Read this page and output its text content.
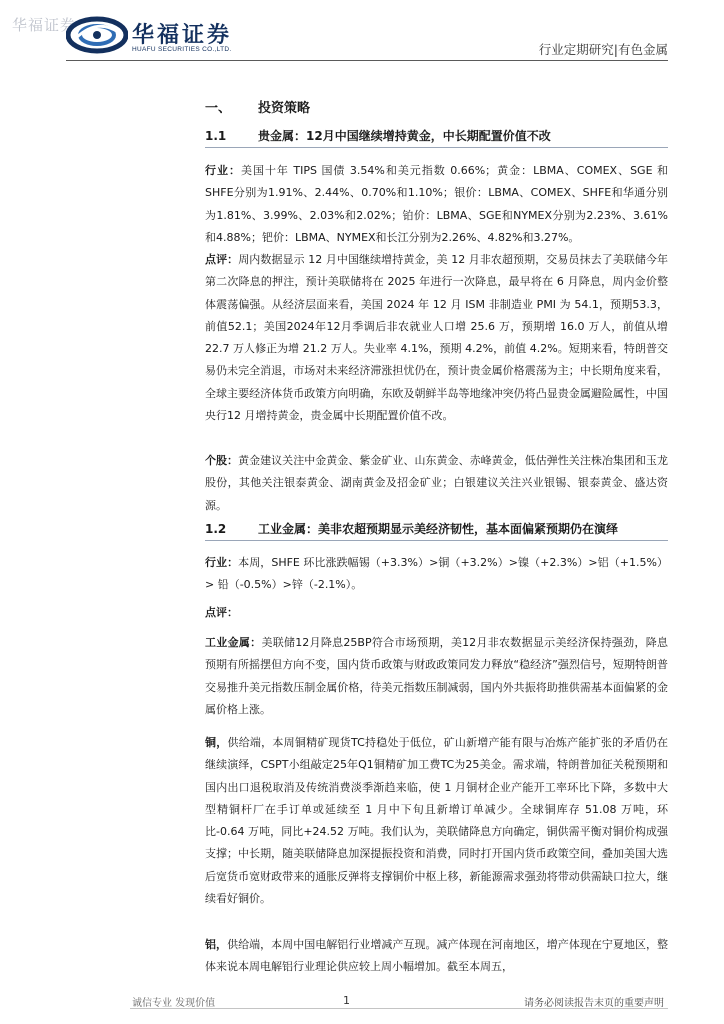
华福证券	华福证券
HUAFU SECURITIES CO.,LTD.	行业定期研究|有色金属
一、 投资策略
1.1	贵金属：12月中国继续增持黄金，中长期配置价值不改
行业：美国十年 TIPS 国债 3.54%和美元指数 0.66%；黄金：LBMA、COMEX、SGE 和SHFE分别为1.91%、2.44%、0.70%和1.10%；银价：LBMA、COMEX、SHFE和华通分别为1.81%、3.99%、2.03%和2.02%；铂价：LBMA、SGE和NYMEX分别为2.23%、3.61%和4.88%；钯价：LBMA、NYMEX和长江分别为2.26%、4.82%和3.27%。
点评：周内数据显示 12 月中国继续增持黄金，美 12 月非农超预期，交易员抹去了美联储今年第二次降息的押注，预计美联储将在 2025 年进行一次降息，最早将在 6 月降息，周内金价整体震荡偏强。从经济层面来看，美国 2024 年 12 月 ISM 非制造业 PMI 为 54.1，预期53.3，前值52.1；美国2024年12月季调后非农就业人口增 25.6 万，预期增 16.0 万人，前值从增 22.7 万人修正为增 21.2 万人。失业率 4.1%，预期 4.2%，前值 4.2%。短期来看，特朗普交易仍未完全消退，市场对未来经济滞涨担忧仍在，预计贵金属价格震荡为主；中长期角度来看，全球主要经济体货币政策方向明确，东欧及朝鲜半岛等地缘冲突仍将凸显贵金属避险属性，中国央行12 月增持黄金，贵金属中长期配置价值不改。
个股：黄金建议关注中金黄金、紫金矿业、山东黄金、赤峰黄金，低估弹性关注株冶集团和玉龙股份，其他关注银泰黄金、湖南黄金及招金矿业；白银建议关注兴业银锡、银泰黄金、盛达资源。
1.2	工业金属：美非农超预期显示美经济韧性，基本面偏紧预期仍在演绎
行业：本周，SHFE 环比涨跌幅锡（+3.3%）>铜（+3.2%）>镍（+2.3%）>铝（+1.5%）> 铅（-0.5%）>锌（-2.1%）。
点评：
工业金属：美联储12月降息25BP符合市场预期，美12月非农数据显示美经济保持强劲，降息预期有所摇摆但方向不变，国内货币政策与财政政策同发力释放“稳经济”强烈信号，短期特朗普交易推升美元指数压制金属价格，待美元指数压制减弱，国内外共振将助推供需基本面偏紧的金属价格上涨。
铜，供给端，本周铜精矿现货TC持稳处于低位，矿山新增产能有限与冶炼产能扩张的矛盾仍在继续演绎，CSPT小组敲定25年Q1铜精矿加工费TC为25美金。需求端，特朗普加征关税预期和国内出口退税取消及传统消费淡季渐趋来临，使 1 月铜材企业产能开工率环比下降，多数中大型精铜杆厂在手订单或延续至 1 月中下旬且新增订单减少。全球铜库存 51.08 万吨，环比-0.64 万吨，同比+24.52 万吨。我们认为，美联储降息方向确定，铜供需平衡对铜价构成强支撑；中长期，随美联储降息加深提振投资和消费，同时打开国内货币政策空间，叠加美国大选后宽货币宽财政带来的通胀反弹将支撑铜价中枢上移，新能源需求强劲将带动供需缺口拉大，继续看好铜价。
铝，供给端，本周中国电解铝行业增减产互现。减产体现在河南地区，增产体现在宁夏地区，整体来说本周电解铝行业理论供应较上周小幅增加。截至本周五，
诚信专业 发现价值	1	请务必阅读报告末页的重要声明
